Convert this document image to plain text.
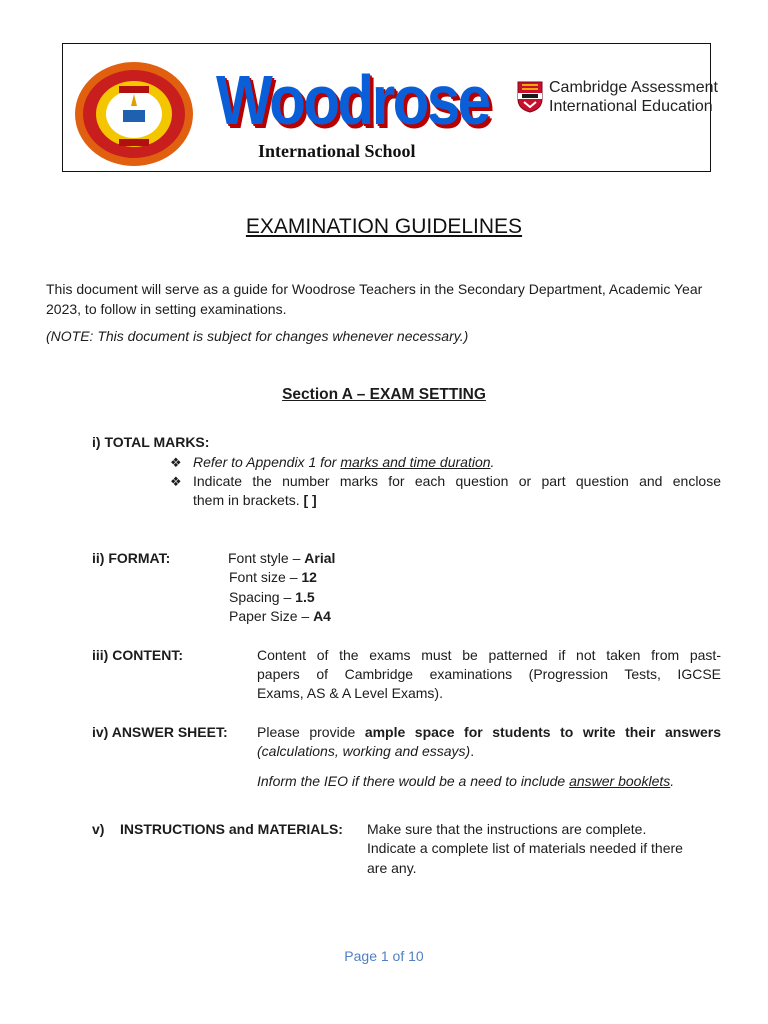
Woodrose
International School
Cambridge Assessment
International Education
EXAMINATION GUIDELINES
This document will serve as a guide for Woodrose Teachers in the Secondary Department, Academic Year 2023, to follow in setting examinations.
(NOTE: This document is subject for changes whenever necessary.)
Section A – EXAM SETTING
i) TOTAL MARKS:
❖ Refer to Appendix 1 for marks and time duration.
❖ Indicate the number marks for each question or part question and enclose
them in brackets. [ ]
ii) FORMAT:	Font style – Arial
Font size – 12
Spacing – 1.5
Paper Size – A4
iii) CONTENT:	Content of the exams must be patterned if not taken from past-
papers of Cambridge examinations (Progression Tests, IGCSE
Exams, AS & A Level Exams).
iv) ANSWER SHEET: Please provide ample space for students to write their answers
(calculations, working and essays).
Inform the IEO if there would be a need to include answer booklets.
v)    INSTRUCTIONS and MATERIALS: Make sure that the instructions are complete.
Indicate a complete list of materials needed if there
are any.
Page 1 of 10
